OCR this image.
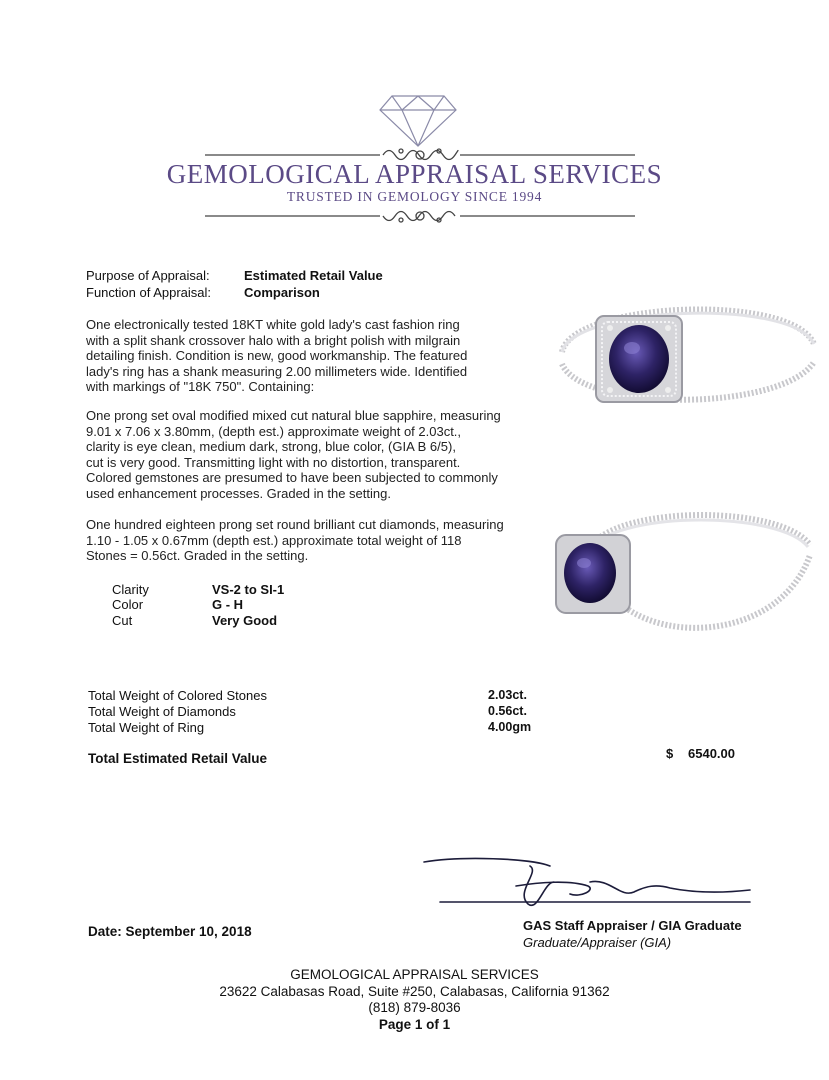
GEMOLOGICAL APPRAISAL SERVICES
TRUSTED IN GEMOLOGY SINCE 1994
Purpose of Appraisal:	Estimated Retail Value
Function of Appraisal:	Comparison

One electronically tested 18KT white gold lady's cast fashion ring

with a split shank crossover halo with a bright polish with milgrain

detailing finish. Condition is new, good workmanship. The featured

lady's ring has a shank measuring 2.00 millimeters wide. Identified

with markings of "18K 750". Containing:

One prong set oval modified mixed cut natural blue sapphire, measuring

9.01 x 7.06 x 3.80mm, (depth est.) approximate weight of 2.03ct.,

clarity is eye clean, medium dark, strong, blue color, (GIA B 6/5),

cut is very good. Transmitting light with no distortion, transparent.

Colored gemstones are presumed to have been subjected to commonly

used enhancement processes. Graded in the setting.

One hundred eighteen prong set round brilliant cut diamonds, measuring

1.10 - 1.05 x 0.67mm (depth est.) approximate total weight of 118

Stones = 0.56ct. Graded in the setting.

Clarity	VS-2 to SI-1
Color	G - H
Cut	Very Good
Total Weight of Colored Stones	2.03ct.
Total Weight of Diamonds	0.56ct.
Total Weight of Ring	4.00gm
Total Estimated Retail Value	$ 6540.00
Date: September 10, 2018	GAS Staff Appraiser / GIA Graduate
Graduate/Appraiser (GIA)
GEMOLOGICAL APPRAISAL SERVICES
23622 Calabasas Road, Suite #250, Calabasas, California 91362
(818) 879-8036
Page 1 of 1
